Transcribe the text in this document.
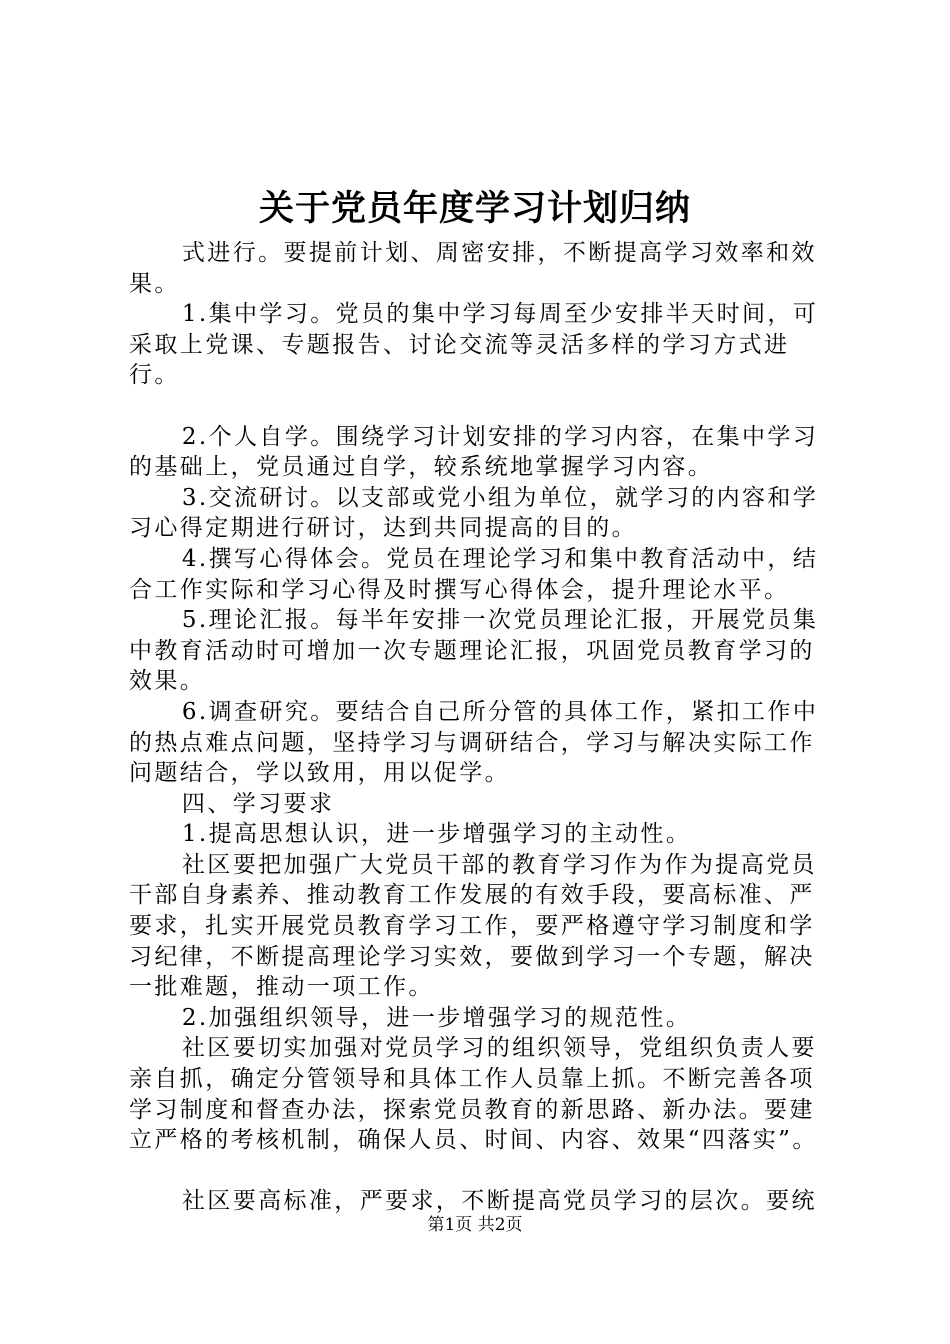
关于党员年度学习计划归纳

式进行。要提前计划、周密安排，不断提高学习效率和效果。

1.集中学习。党员的集中学习每周至少安排半天时间，可采取上党课、专题报告、讨论交流等灵活多样的学习方式进行。

2.个人自学。围绕学习计划安排的学习内容，在集中学习的基础上，党员通过自学，较系统地掌握学习内容。

3.交流研讨。以支部或党小组为单位，就学习的内容和学习心得定期进行研讨，达到共同提高的目的。

4.撰写心得体会。党员在理论学习和集中教育活动中，结合工作实际和学习心得及时撰写心得体会，提升理论水平。

5.理论汇报。每半年安排一次党员理论汇报，开展党员集中教育活动时可增加一次专题理论汇报，巩固党员教育学习的效果。

6.调查研究。要结合自己所分管的具体工作，紧扣工作中的热点难点问题，坚持学习与调研结合，学习与解决实际工作问题结合，学以致用，用以促学。

四、学习要求

1.提高思想认识，进一步增强学习的主动性。

社区要把加强广大党员干部的教育学习作为作为提高党员干部自身素养、推动教育工作发展的有效手段，要高标准、严要求，扎实开展党员教育学习工作，要严格遵守学习制度和学习纪律，不断提高理论学习实效，要做到学习一个专题，解决一批难题，推动一项工作。

2.加强组织领导，进一步增强学习的规范性。

社区要切实加强对党员学习的组织领导，党组织负责人要亲自抓，确定分管领导和具体工作人员靠上抓。不断完善各项学习制度和督查办法，探索党员教育的新思路、新办法。要建立严格的考核机制，确保人员、时间、内容、效果“四落实”。

社区要高标准，严要求，不断提高党员学习的层次。要统

第1页 共2页
